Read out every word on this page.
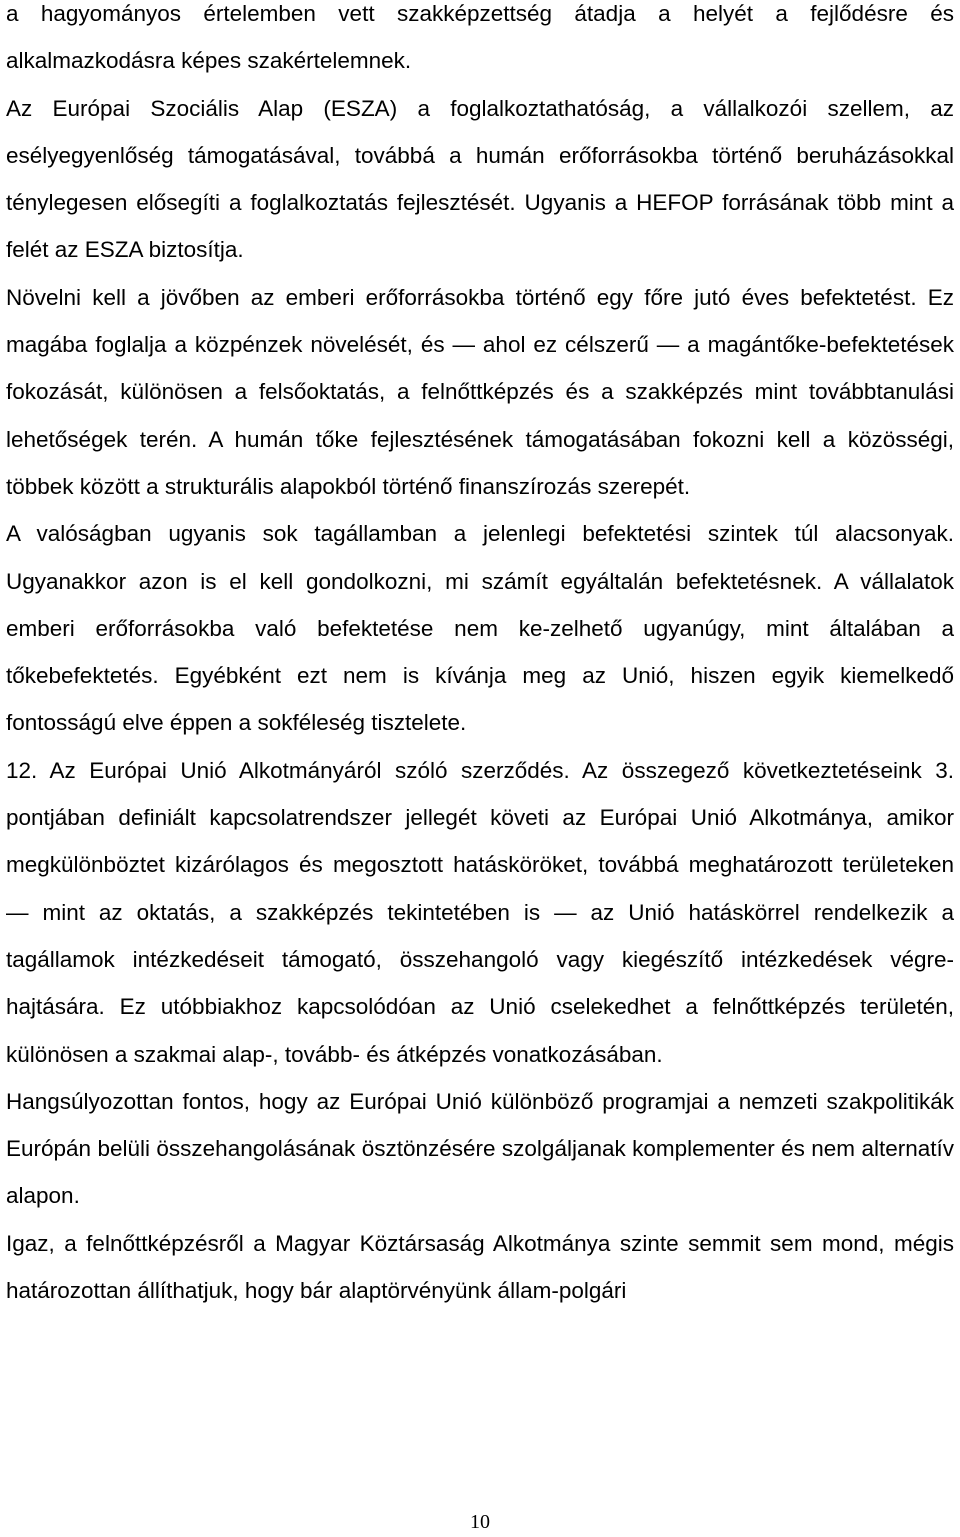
a hagyományos értelemben vett szakképzettség átadja a helyét a fejlődésre és alkalmazkodásra képes szakértelemnek.

Az Európai Szociális Alap (ESZA) a foglalkoztathatóság, a vállalkozói szellem, az esélyegyenlőség támogatásával, továbbá a humán erőforrásokba történő beruházásokkal ténylegesen elősegíti a foglalkoztatás fejlesztését. Ugyanis a HEFOP forrásának több mint a felét az ESZA biztosítja.

Növelni kell a jövőben az emberi erőforrásokba történő egy főre jutó éves befektetést. Ez magába foglalja a közpénzek növelését, és — ahol ez célszerű — a magántőke-befektetések fokozását, különösen a felsőoktatás, a felnőttképzés és a szakképzés mint továbbtanulási lehetőségek terén. A humán tőke fejlesztésének támogatásában fokozni kell a közösségi, többek között a strukturális alapokból történő finanszírozás szerepét.

A valóságban ugyanis sok tagállamban a jelenlegi befektetési szintek túl alacsonyak. Ugyanakkor azon is el kell gondolkozni, mi számít egyáltalán befektetésnek. A vállalatok emberi erőforrásokba való befektetése nem ke-zelhető ugyanúgy, mint általában a tőkebefektetés. Egyébként ezt nem is kívánja meg az Unió, hiszen egyik kiemelkedő fontosságú elve éppen a sokféleség tisztelete.

12. Az Európai Unió Alkotmányáról szóló szerződés. Az összegező következtetéseink 3. pontjában definiált kapcsolatrendszer jellegét követi az Európai Unió Alkotmánya, amikor megkülönböztet kizárólagos és megosztott hatásköröket, továbbá meghatározott területeken — mint az oktatás, a szakképzés tekintetében is — az Unió hatáskörrel rendelkezik a tagállamok intézkedéseit támogató, összehangoló vagy kiegészítő intézkedések végre-hajtására. Ez utóbbiakhoz kapcsolódóan az Unió cselekedhet a felnőttképzés területén, különösen a szakmai alap-, tovább- és átképzés vonatkozásában.

Hangsúlyozottan fontos, hogy az Európai Unió különböző programjai a nemzeti szakpolitikák Európán belüli összehangolásának ösztönzésére szolgáljanak komplementer és nem alternatív alapon.

Igaz, a felnőttképzésről a Magyar Köztársaság Alkotmánya szinte semmit sem mond, mégis határozottan állíthatjuk, hogy bár alaptörvényünk állam-polgári

10
